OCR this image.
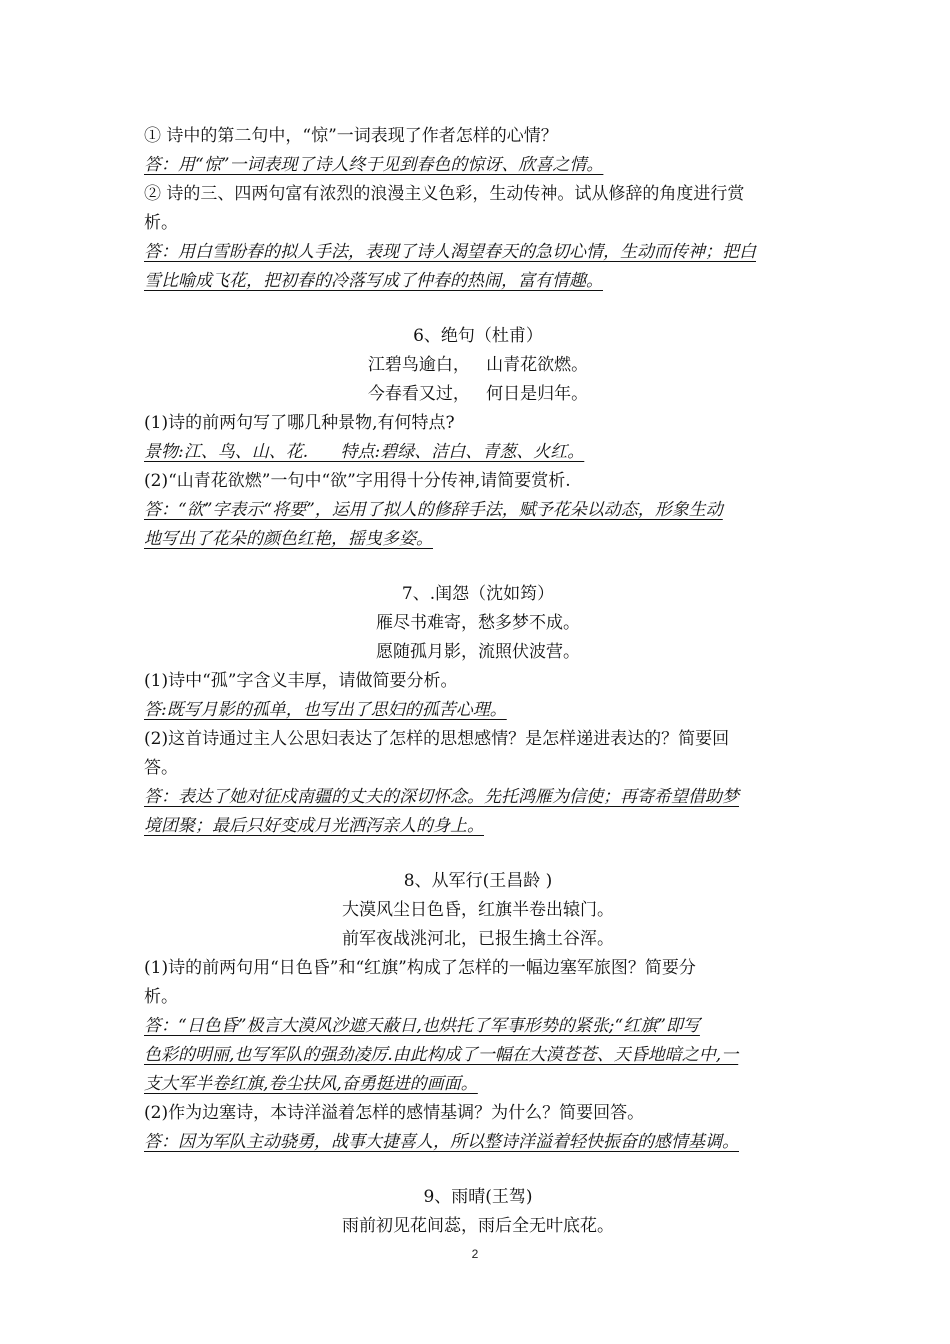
① 诗中的第二句中，“惊”一词表现了作者怎样的心情？
答：用“惊”一词表现了诗人终于见到春色的惊讶、欣喜之情。
② 诗的三、四两句富有浓烈的浪漫主义色彩，生动传神。试从修辞的角度进行赏
析。
答：用白雪盼春的拟人手法，表现了诗人渴望春天的急切心情，生动而传神；把白
雪比喻成飞花，把初春的冷落写成了仲春的热闹，富有情趣。
6、绝句（杜甫）
江碧鸟逾白，   山青花欲燃。
今春看又过，   何日是归年。
(1)诗的前两句写了哪几种景物,有何特点?
景物:江、鸟、山、花.      特点:碧绿、洁白、青葱、火红。
(2)“山青花欲燃”一句中“欲”字用得十分传神,请简要赏析.
答：“欲”字表示“将要”，运用了拟人的修辞手法，赋予花朵以动态，形象生动
地写出了花朵的颜色红艳，摇曳多姿。
7、.闺怨（沈如筠）
雁尽书难寄，愁多梦不成。
愿随孤月影，流照伏波营。
(1)诗中“孤”字含义丰厚，请做简要分析。
答:既写月影的孤单，也写出了思妇的孤苦心理。
(2)这首诗通过主人公思妇表达了怎样的思想感情？是怎样递进表达的？简要回
答。
答：表达了她对征戍南疆的丈夫的深切怀念。先托鸿雁为信使；再寄希望借助梦
境团聚；最后只好变成月光洒泻亲人的身上。
8、从军行(王昌龄 )
大漠风尘日色昏，红旗半卷出辕门。
前军夜战洮河北，已报生擒土谷浑。
(1)诗的前两句用“日色昏”和“红旗”构成了怎样的一幅边塞军旅图？简要分
析。
答：“日色昏”极言大漠风沙遮天蔽日,也烘托了军事形势的紧张;“红旗”即写
色彩的明丽,也写军队的强劲凌厉.由此构成了一幅在大漠苍苍、天昏地暗之中,一
支大军半卷红旗,卷尘扶风,奋勇挺进的画面。
(2)作为边塞诗，本诗洋溢着怎样的感情基调？为什么？简要回答。
答：因为军队主动骁勇，战事大捷喜人，所以整诗洋溢着轻快振奋的感情基调。
9、雨晴(王驾)
雨前初见花间蕊，雨后全无叶底花。
2
